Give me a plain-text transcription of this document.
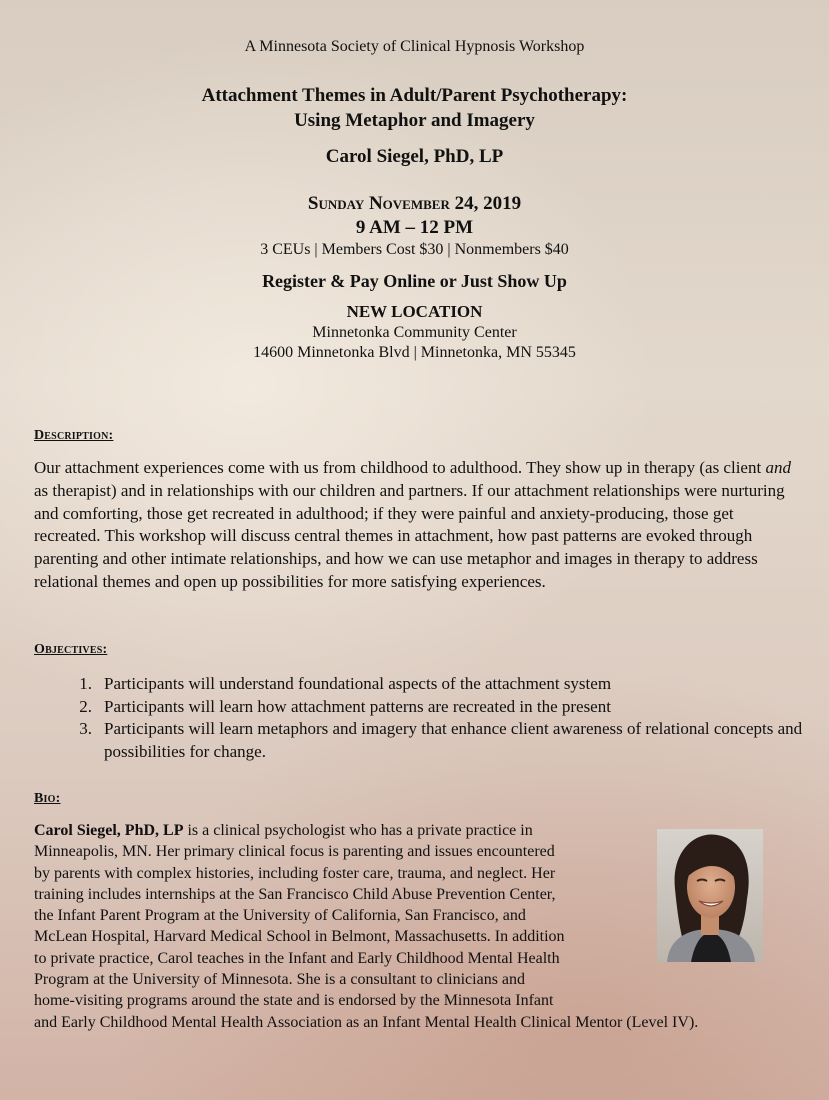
A Minnesota Society of Clinical Hypnosis Workshop
Attachment Themes in Adult/Parent Psychotherapy:
Using Metaphor and Imagery
Carol Siegel, PhD, LP
Sunday November 24, 2019
9 AM – 12 PM
3 CEUs | Members Cost $30 | Nonmembers $40
Register & Pay Online or Just Show Up
NEW LOCATION
Minnetonka Community Center
14600 Minnetonka Blvd | Minnetonka, MN 55345
Description:

Our attachment experiences come with us from childhood to adulthood. They show up in therapy (as client and as therapist) and in relationships with our children and partners. If our attachment relationships were nurturing and comforting, those get recreated in adulthood; if they were painful and anxiety-producing, those get recreated. This workshop will discuss central themes in attachment, how past patterns are evoked through parenting and other intimate relationships, and how we can use metaphor and images in therapy to address relational themes and open up possibilities for more satisfying experiences.

Objectives:
1. Participants will understand foundational aspects of the attachment system
2. Participants will learn how attachment patterns are recreated in the present
3. Participants will learn metaphors and imagery that enhance client awareness of relational concepts and possibilities for change.
Bio:
Carol Siegel, PhD, LP is a clinical psychologist who has a private practice in
Minneapolis, MN. Her primary clinical focus is parenting and issues encountered
by parents with complex histories, including foster care, trauma, and neglect. Her
training includes internships at the San Francisco Child Abuse Prevention Center,
the Infant Parent Program at the University of California, San Francisco, and
McLean Hospital, Harvard Medical School in Belmont, Massachusetts. In addition
to private practice, Carol teaches in the Infant and Early Childhood Mental Health
Program at the University of Minnesota. She is a consultant to clinicians and
home-visiting programs around the state and is endorsed by the Minnesota Infant
and Early Childhood Mental Health Association as an Infant Mental Health Clinical Mentor (Level IV).
